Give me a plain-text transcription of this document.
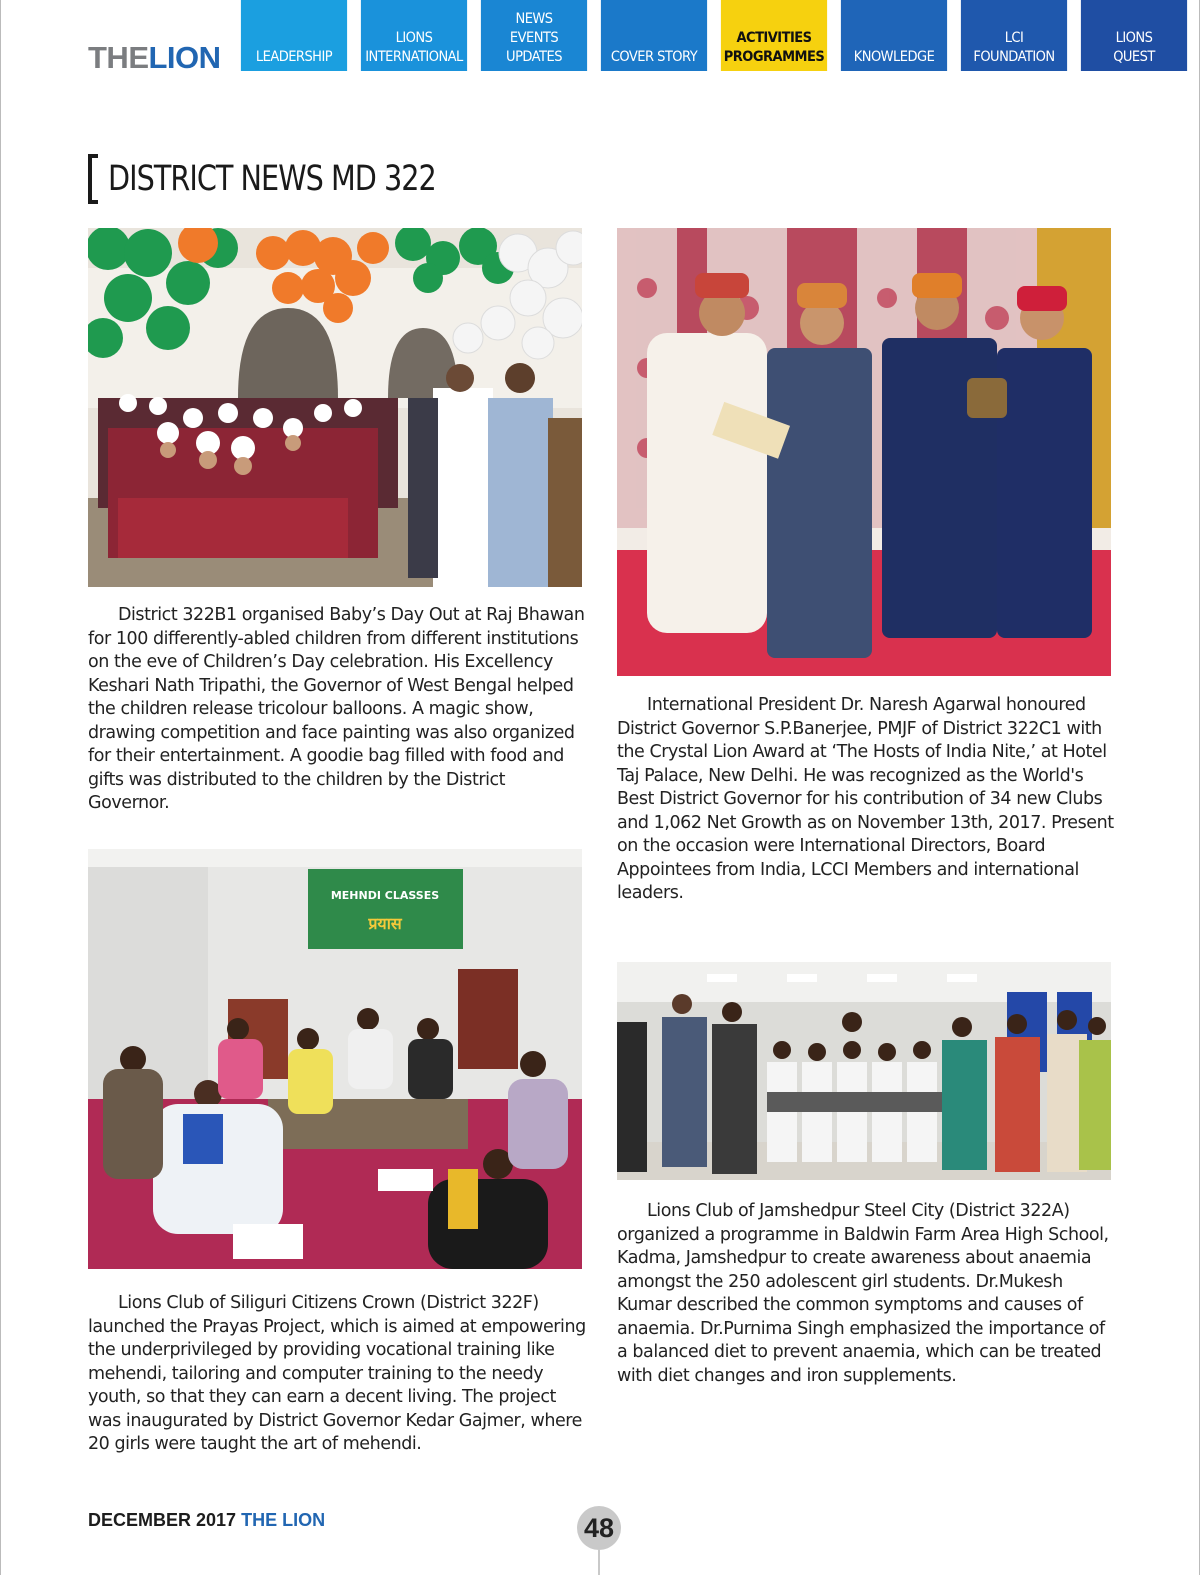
THELION	LEADERSHIP
LIONS
INTERNATIONAL
NEWS
EVENTS
UPDATES	COVER STORY
ACTIVITIES
PROGRAMMES	KNOWLEDGE
LCI
FOUNDATION
LIONS
QUEST
DISTRICT NEWS MD 322
District 322B1 organised Baby’s Day Out at Raj Bhawan for 100 differently-abled children from different institutions on the eve of Children’s Day celebration. His Excellency Keshari Nath Tripathi, the Governor of West Bengal helped the children release tricolour balloons. A magic show, drawing competition and face painting was also organized for their entertainment. A goodie bag filled with food and gifts was distributed to the children by the District Governor.
International President Dr. Naresh Agarwal honoured District Governor S.P.Banerjee, PMJF of District 322C1 with the Crystal Lion Award at ‘The Hosts of India Nite,’ at Hotel Taj Palace, New Delhi. He was recognized as the World's Best District Governor for his contribution of 34 new Clubs and 1,062 Net Growth as on November 13th, 2017. Present on the occasion were International Directors, Board Appointees from India, LCCI Members and international leaders.
MEHNDI CLASSES
प्रयास
Lions Club of Siliguri Citizens Crown (District 322F) launched the Prayas Project, which is aimed at empowering the underprivileged by providing vocational training like mehendi, tailoring and computer training to the needy youth, so that they can earn a decent living. The project was inaugurated by District Governor Kedar Gajmer, where 20 girls were taught the art of mehendi.
Lions Club of Jamshedpur Steel City (District 322A) organized a programme in Baldwin Farm Area High School, Kadma, Jamshedpur to create awareness about anaemia amongst the 250 adolescent girl students. Dr.Mukesh Kumar described the common symptoms and causes of anaemia. Dr.Purnima Singh emphasized the importance of a balanced diet to prevent anaemia, which can be treated with diet changes and iron supplements.
DECEMBER 2017 THE LION	48
